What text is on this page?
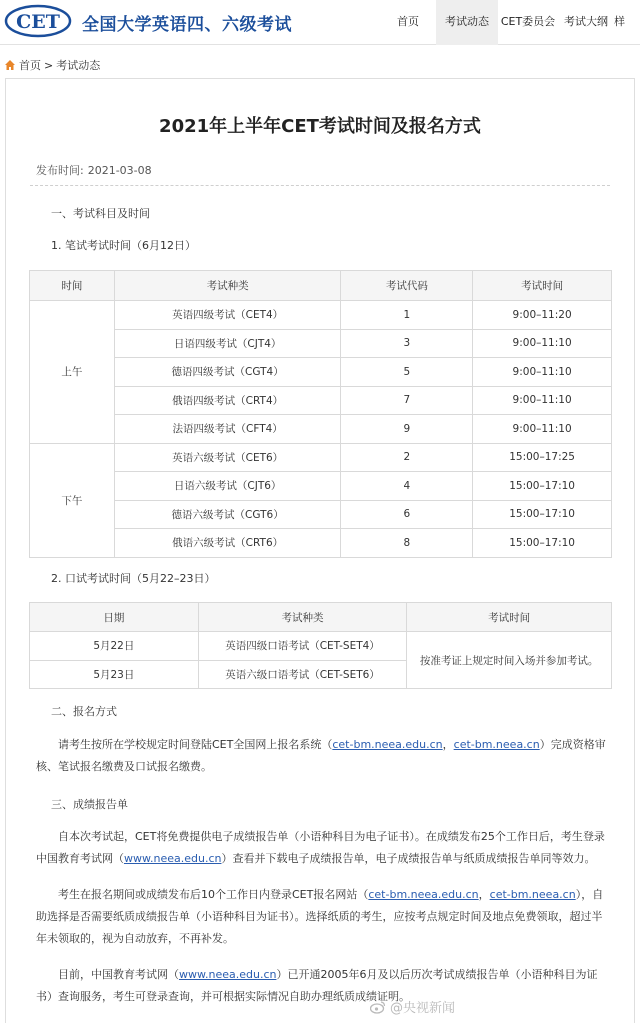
CET 全国大学英语四、六级考试	首页	考试动态	CET委员会 考试大纲 样
首页 > 考试动态
2021年上半年CET考试时间及报名方式
发布时间: 2021-03-08
一、考试科目及时间
1. 笔试考试时间（6月12日）
时间	考试种类	考试代码	考试时间
上午	英语四级考试（CET4）	1	9:00–11:20
	日语四级考试（CJT4）	3	9:00–11:10
	德语四级考试（CGT4）	5	9:00–11:10
	俄语四级考试（CRT4）	7	9:00–11:10
	法语四级考试（CFT4）	9	9:00–11:10
下午	英语六级考试（CET6）	2	15:00–17:25
	日语六级考试（CJT6）	4	15:00–17:10
	德语六级考试（CGT6）	6	15:00–17:10
	俄语六级考试（CRT6）	8	15:00–17:10
2. 口试考试时间（5月22–23日）
日期	考试种类	考试时间
5月22日	英语四级口语考试（CET-SET4）	按准考证上规定时间入场并参加考试。
5月23日	英语六级口语考试（CET-SET6）	
二、报名方式

请考生按所在学校规定时间登陆CET全国网上报名系统（cet-bm.neea.edu.cn，cet-bm.neea.cn）完成资格审核、笔试报名缴费及口试报名缴费。

三、成绩报告单

自本次考试起，CET将免费提供电子成绩报告单（小语种科目为电子证书）。在成绩发布25个工作日后，考生登录中国教育考试网（www.neea.edu.cn）查看并下载电子成绩报告单，电子成绩报告单与纸质成绩报告单同等效力。

考生在报名期间或成绩发布后10个工作日内登录CET报名网站（cet-bm.neea.edu.cn，cet-bm.neea.cn），自助选择是否需要纸质成绩报告单（小语种科目为证书）。选择纸质的考生，应按考点规定时间及地点免费领取，超过半年未领取的，视为自动放弃，不再补发。

目前，中国教育考试网（www.neea.edu.cn）已开通2005年6月及以后历次考试成绩报告单（小语种科目为证书）查询服务，考生可登录查询，并可根据实际情况自助办理纸质成绩证明。

@央视新闻
